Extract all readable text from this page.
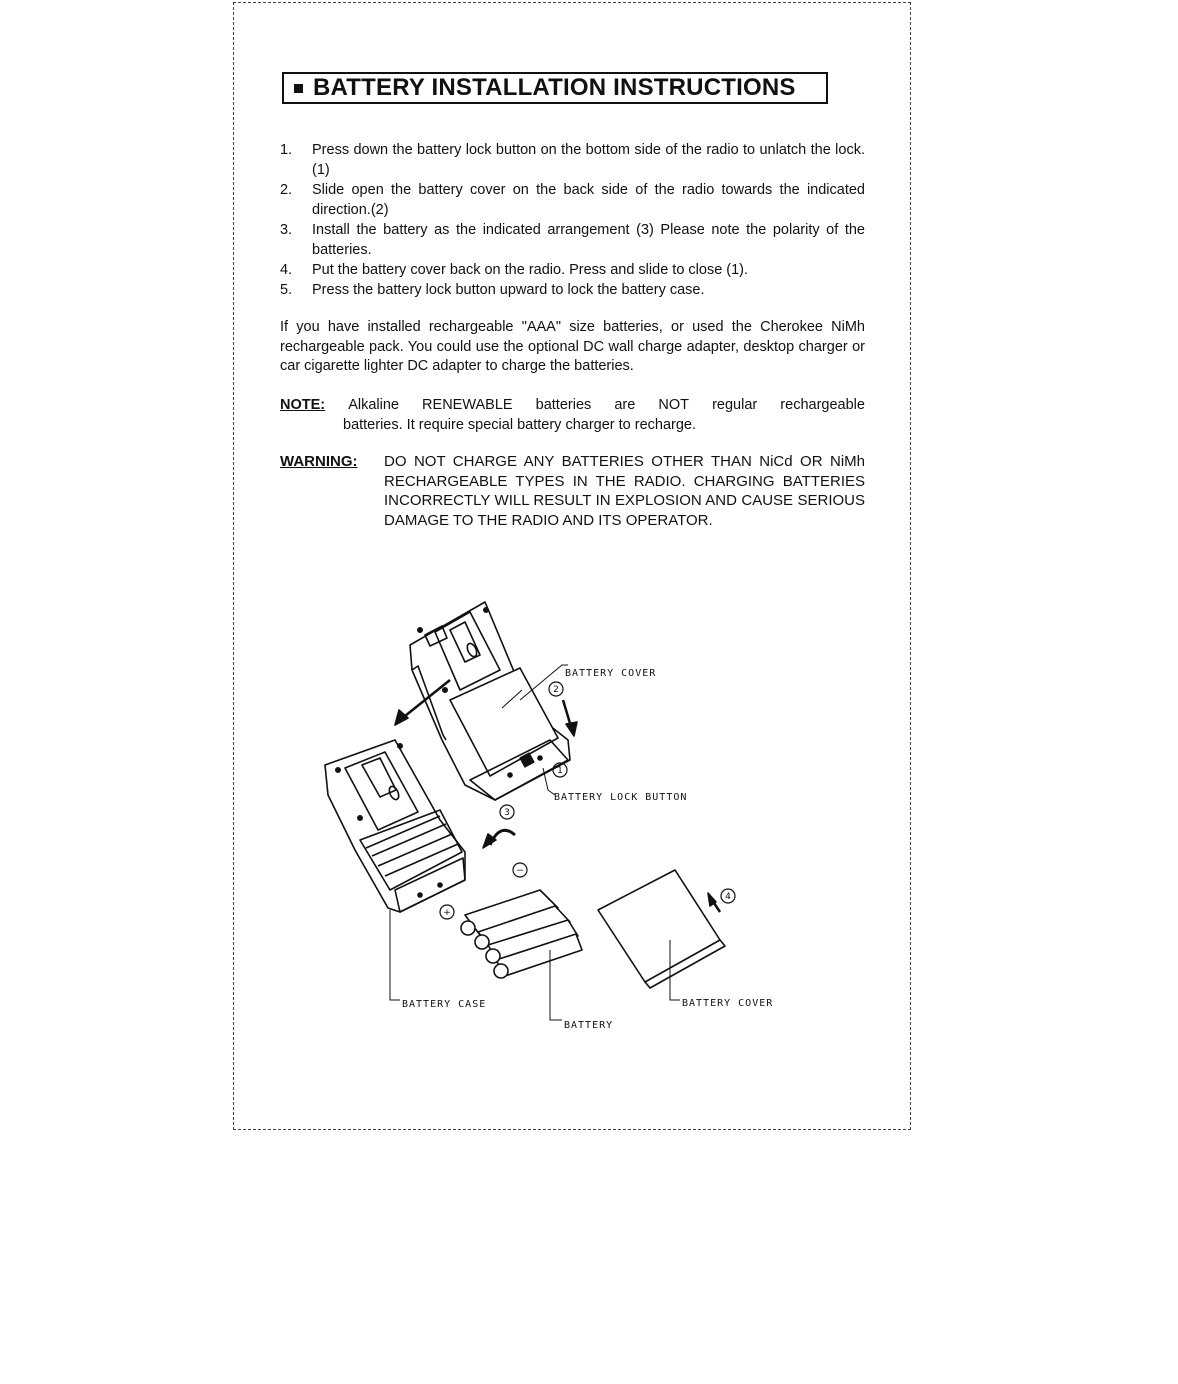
BATTERY INSTALLATION INSTRUCTIONS
1.	Press down the battery lock button on the bottom side of the radio to unlatch the lock. (1)
2.	Slide open the battery cover on the back side of the radio towards the indicated direction.(2)
3.	Install the battery as the indicated arrangement (3) Please note the polarity of the batteries.
4.	Put the battery cover back on the radio. Press and slide to close (1).
5.	Press the battery lock button upward to lock the battery case.

If you have installed rechargeable "AAA" size batteries, or used the Cherokee NiMh rechargeable pack. You could use the optional DC wall charge adapter, desktop charger or car cigarette lighter DC adapter to charge the batteries.

NOTE: Alkaline RENEWABLE batteries are NOT regular rechargeable
batteries. It require special battery charger to recharge.
WARNING:	DO NOT CHARGE ANY BATTERIES OTHER THAN NiCd OR NiMh RECHARGEABLE TYPES IN THE RADIO. CHARGING BATTERIES INCORRECTLY WILL RESULT IN EXPLOSION AND CAUSE SERIOUS DAMAGE TO THE RADIO AND ITS OPERATOR.
2
1
3
−
+
4
BATTERY COVER
BATTERY LOCK BUTTON
BATTERY CASE
BATTERY
BATTERY COVER
